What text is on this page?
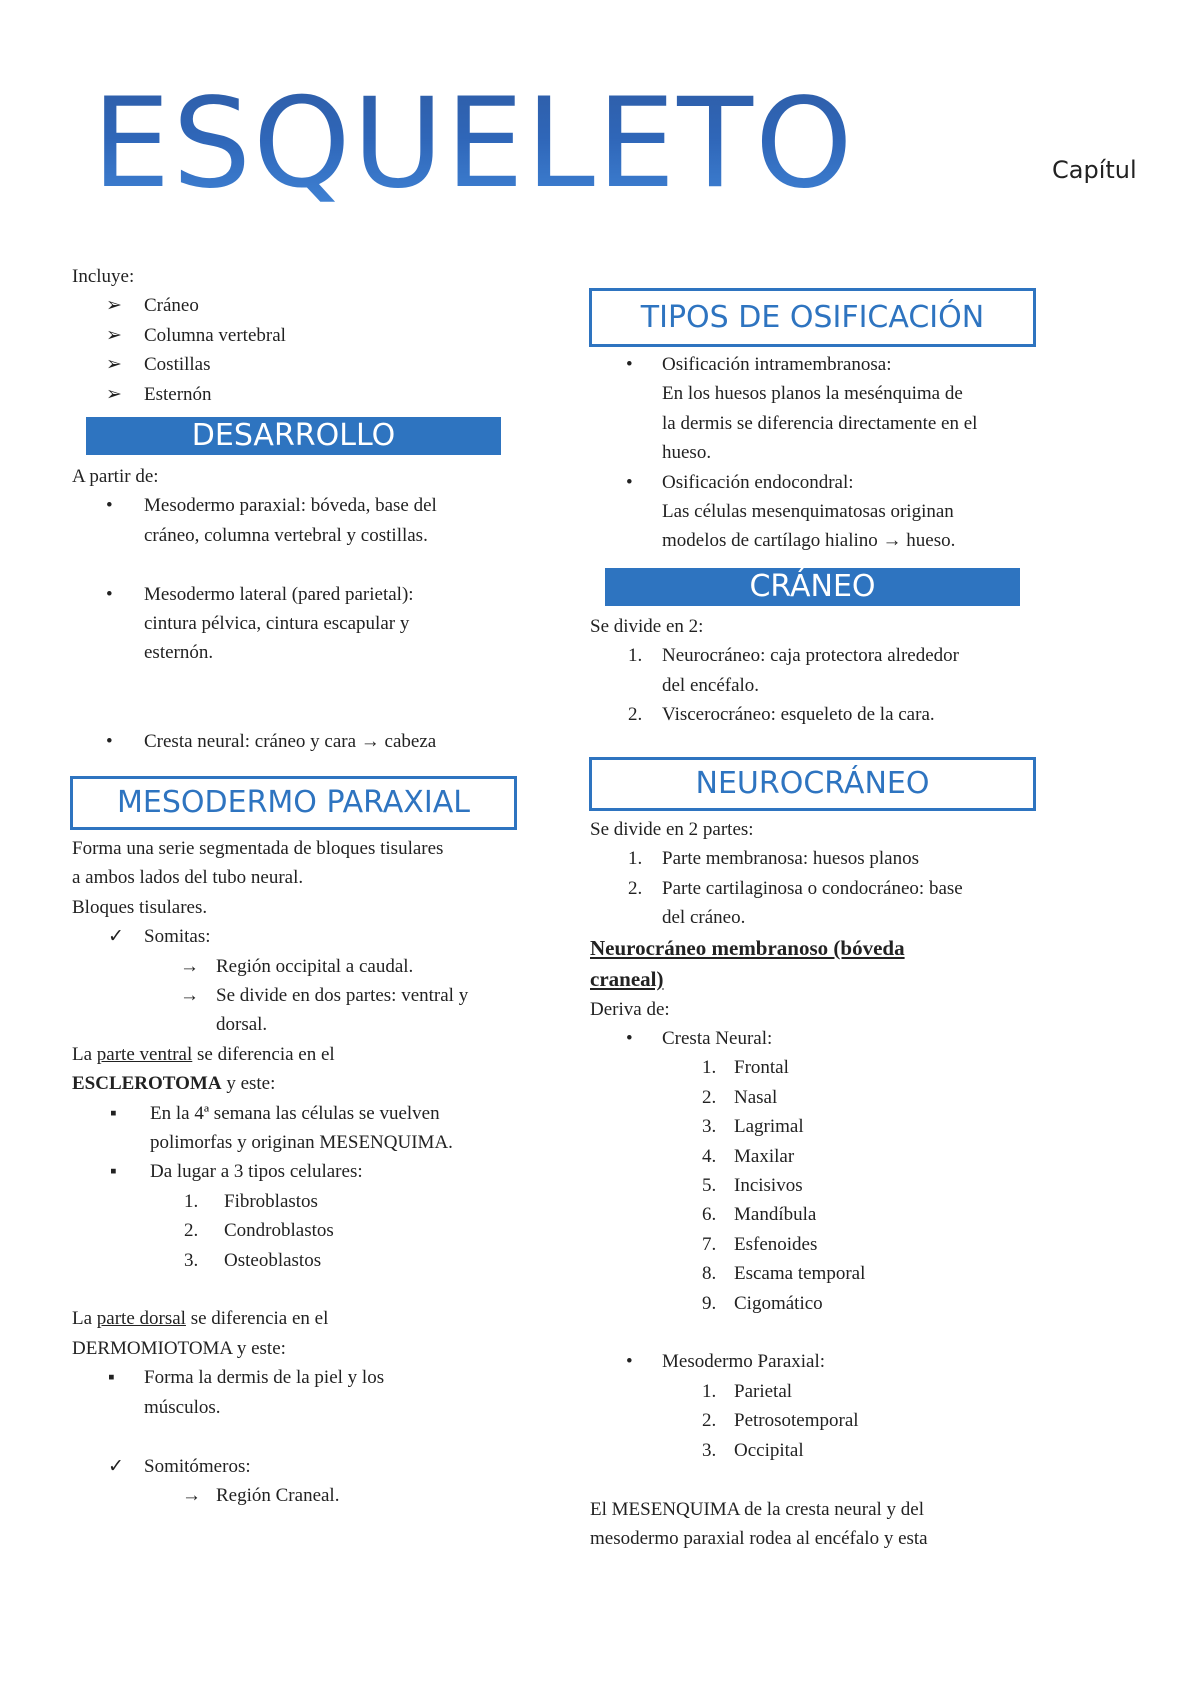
ESQUELETO	Capítul
Incluye:
➢ Cráneo
➢ Columna vertebral
➢ Costillas
➢ Esternón
DESARROLLO
A partir de:
• Mesodermo paraxial: bóveda, base del
cráneo, columna vertebral y costillas.
• Mesodermo lateral (pared parietal):
cintura pélvica, cintura escapular y
esternón.
• Cresta neural: cráneo y cara → cabeza
MESODERMO PARAXIAL
Forma una serie segmentada de bloques tisulares
a ambos lados del tubo neural.
Bloques tisulares.
✓ Somitas:
→ Región occipital a caudal.
→ Se divide en dos partes: ventral y
dorsal.
La parte ventral se diferencia en el
ESCLEROTOMA y este:
▪ En la 4ª semana las células se vuelven
polimorfas y originan MESENQUIMA.
▪ Da lugar a 3 tipos celulares:
1. Fibroblastos
2. Condroblastos
3. Osteoblastos
La parte dorsal se diferencia en el
DERMOMIOTOMA y este:
▪ Forma la dermis de la piel y los
músculos.
✓ Somitómeros:
→ Región Craneal.
TIPOS DE OSIFICACIÓN
• Osificación intramembranosa:
En los huesos planos la mesénquima de
la dermis se diferencia directamente en el
hueso.
• Osificación endocondral:
Las células mesenquimatosas originan
modelos de cartílago hialino → hueso.
CRÁNEO
Se divide en 2:
1. Neurocráneo: caja protectora alrededor
del encéfalo.
2. Viscerocráneo: esqueleto de la cara.
NEUROCRÁNEO
Se divide en 2 partes:
1. Parte membranosa: huesos planos
2. Parte cartilaginosa o condocráneo: base
del cráneo.
Neurocráneo membranoso (bóveda
craneal)
Deriva de:
• Cresta Neural:
1. Frontal
2. Nasal
3. Lagrimal
4. Maxilar
5. Incisivos
6. Mandíbula
7. Esfenoides
8. Escama temporal
9. Cigomático
• Mesodermo Paraxial:
1. Parietal
2. Petrosotemporal
3. Occipital
El MESENQUIMA de la cresta neural y del
mesodermo paraxial rodea al encéfalo y esta
